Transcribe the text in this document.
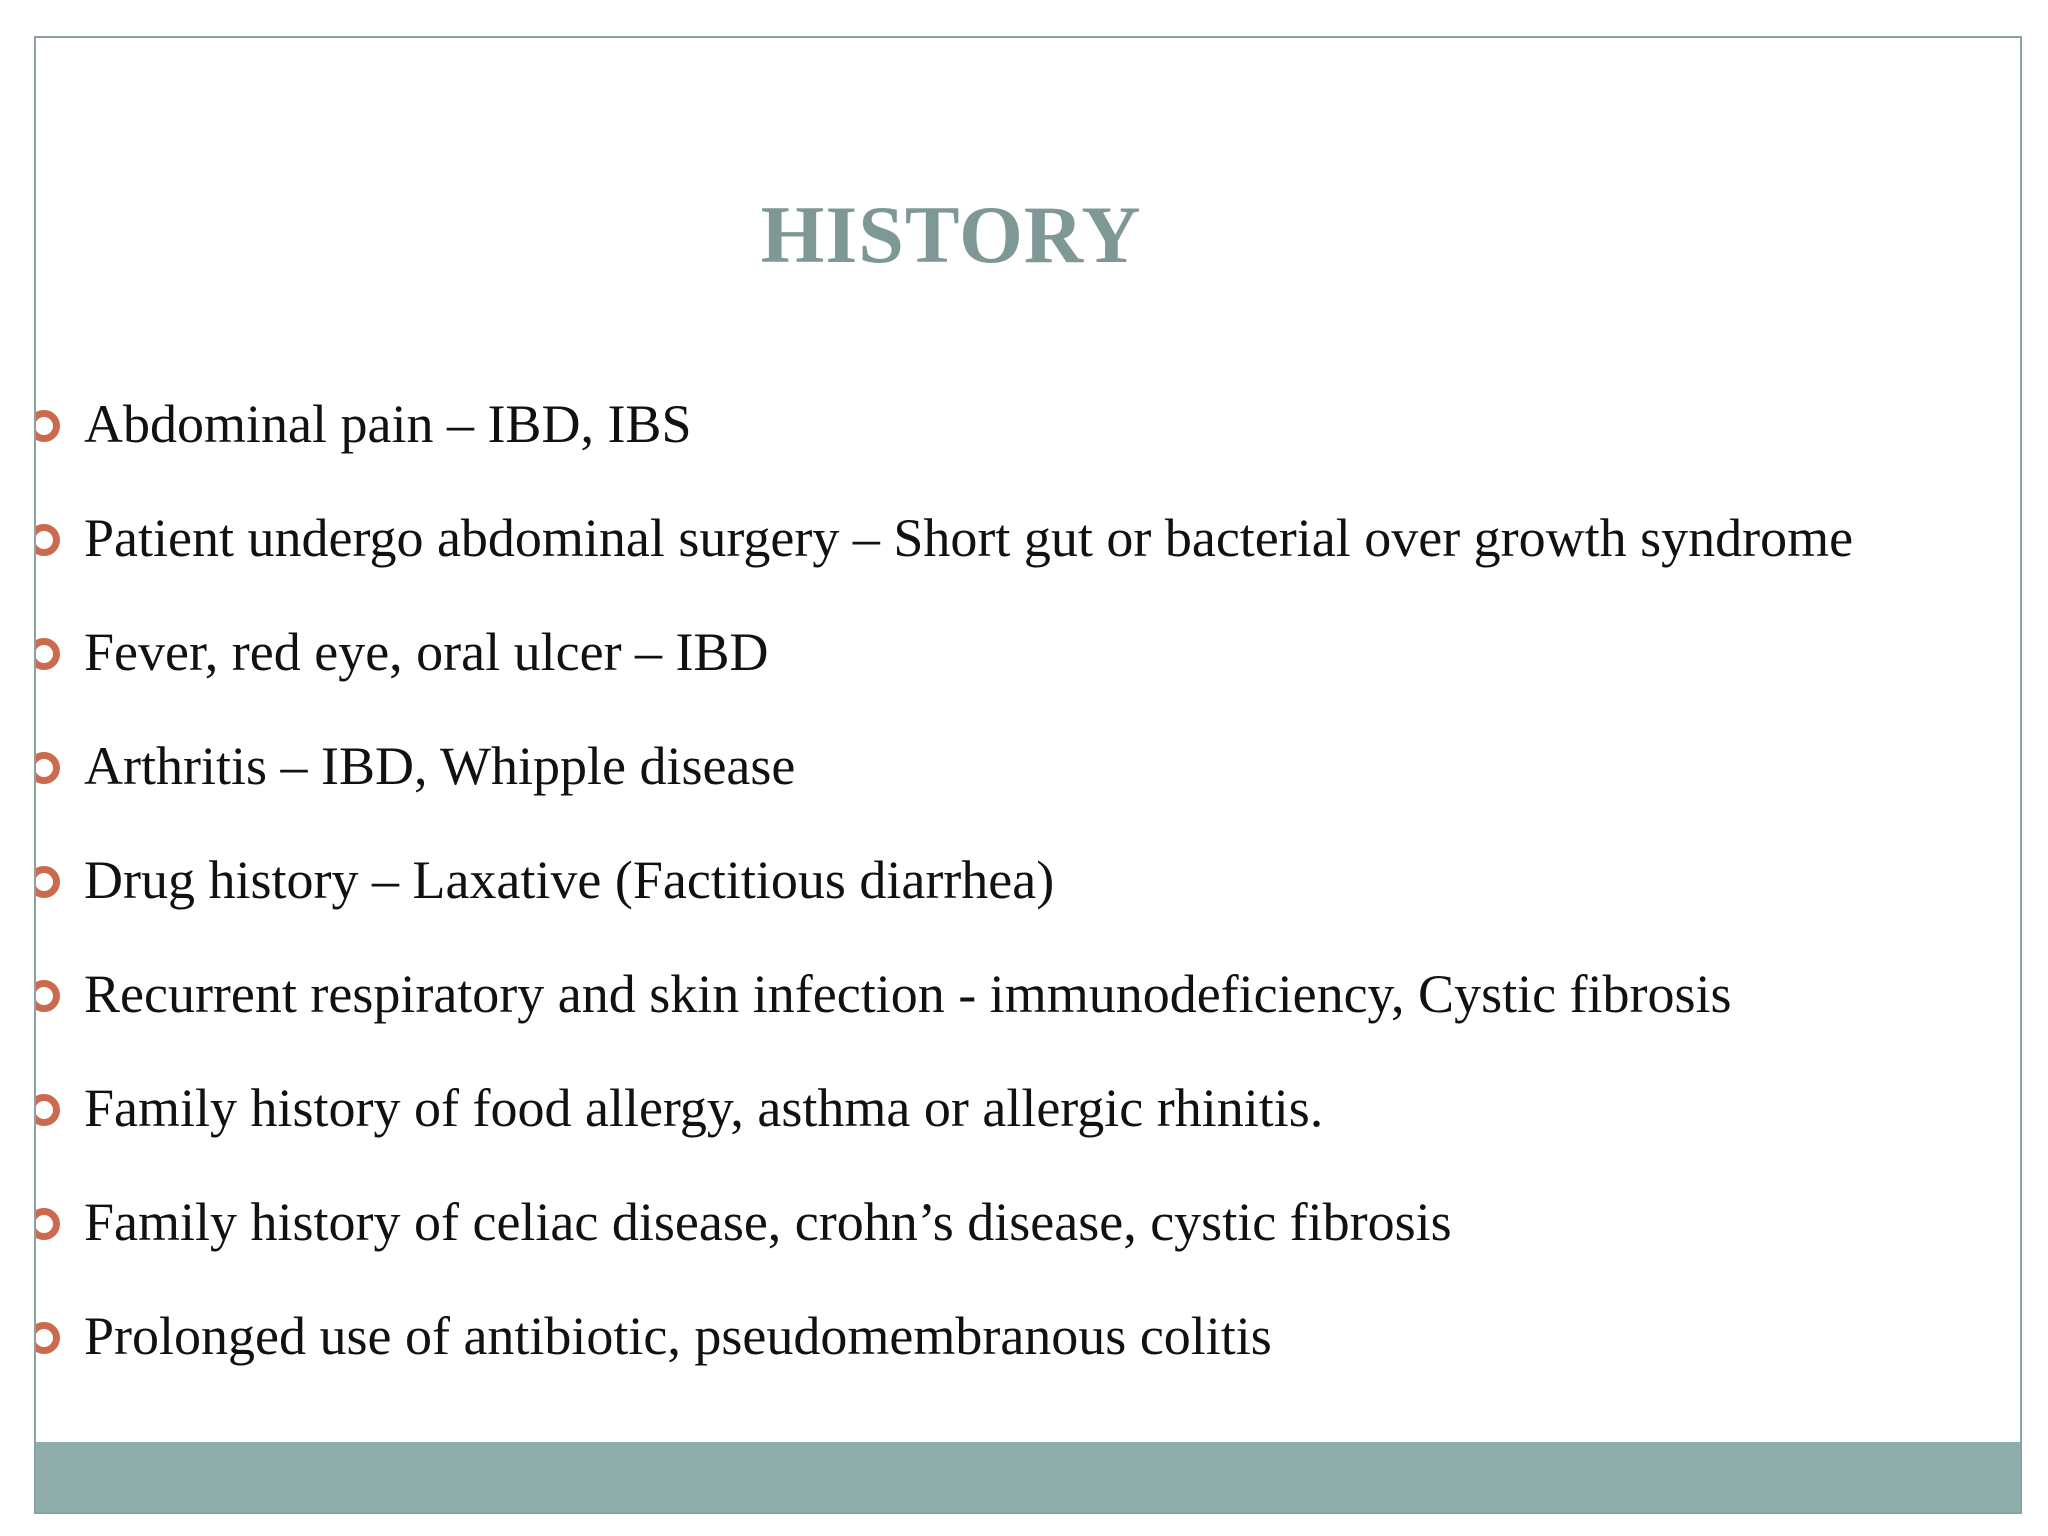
HISTORY
Abdominal pain – IBD, IBS
Patient undergo abdominal surgery – Short gut or bacterial over growth syndrome
Fever, red eye, oral ulcer – IBD
Arthritis – IBD, Whipple disease
Drug history – Laxative (Factitious diarrhea)
Recurrent respiratory and skin infection - immunodeficiency, Cystic fibrosis
Family history of food allergy, asthma or allergic rhinitis.
Family history of celiac disease, crohn’s disease, cystic fibrosis
Prolonged use of antibiotic, pseudomembranous colitis
